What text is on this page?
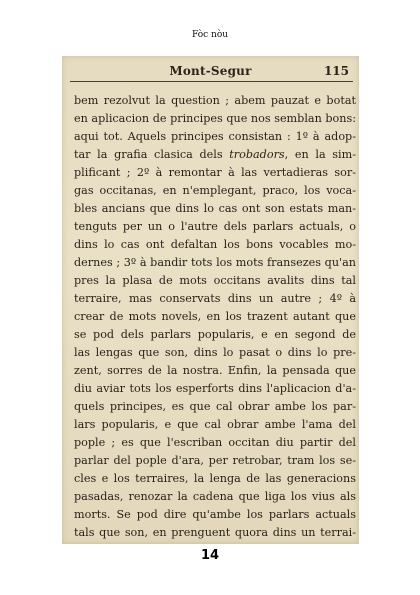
Fòc nòu
Mont-Segur	115
bem rezolvut la question ; abem pauzat e botat
en aplicacion de principes que nos semblan bons:
aqui tot. Aquels principes consistan : 1º à adop-
tar la grafia clasica dels trobadors, en la sim-
plificant ; 2º à remontar à las vertadieras sor-
gas occitanas, en n'emplegant, praco, los voca-
bles ancians que dins lo cas ont son estats man-
tenguts per un o l'autre dels parlars actuals, o
dins lo cas ont defaltan los bons vocables mo-
dernes ; 3º à bandir tots los mots fransezes qu'an
pres la plasa de mots occitans avalits dins tal
terraire, mas conservats dins un autre ; 4º à
crear de mots novels, en los trazent autant que
se pod dels parlars popularis, e en segond de
las lengas que son, dins lo pasat o dins lo pre-
zent, sorres de la nostra. Enfin, la pensada que
diu aviar tots los esperforts dins l'aplicacion d'a-
quels principes, es que cal obrar ambe los par-
lars popularis, e que cal obrar ambe l'ama del
pople ; es que l'escriban occitan diu partir del
parlar del pople d'ara, per retrobar, tram los se-
cles e los terraires, la lenga de las generacions
pasadas, renozar la cadena que liga los vius als
morts. Se pod dire qu'ambe los parlars actuals
tals que son, en prenguent quora dins un terrai-
14
